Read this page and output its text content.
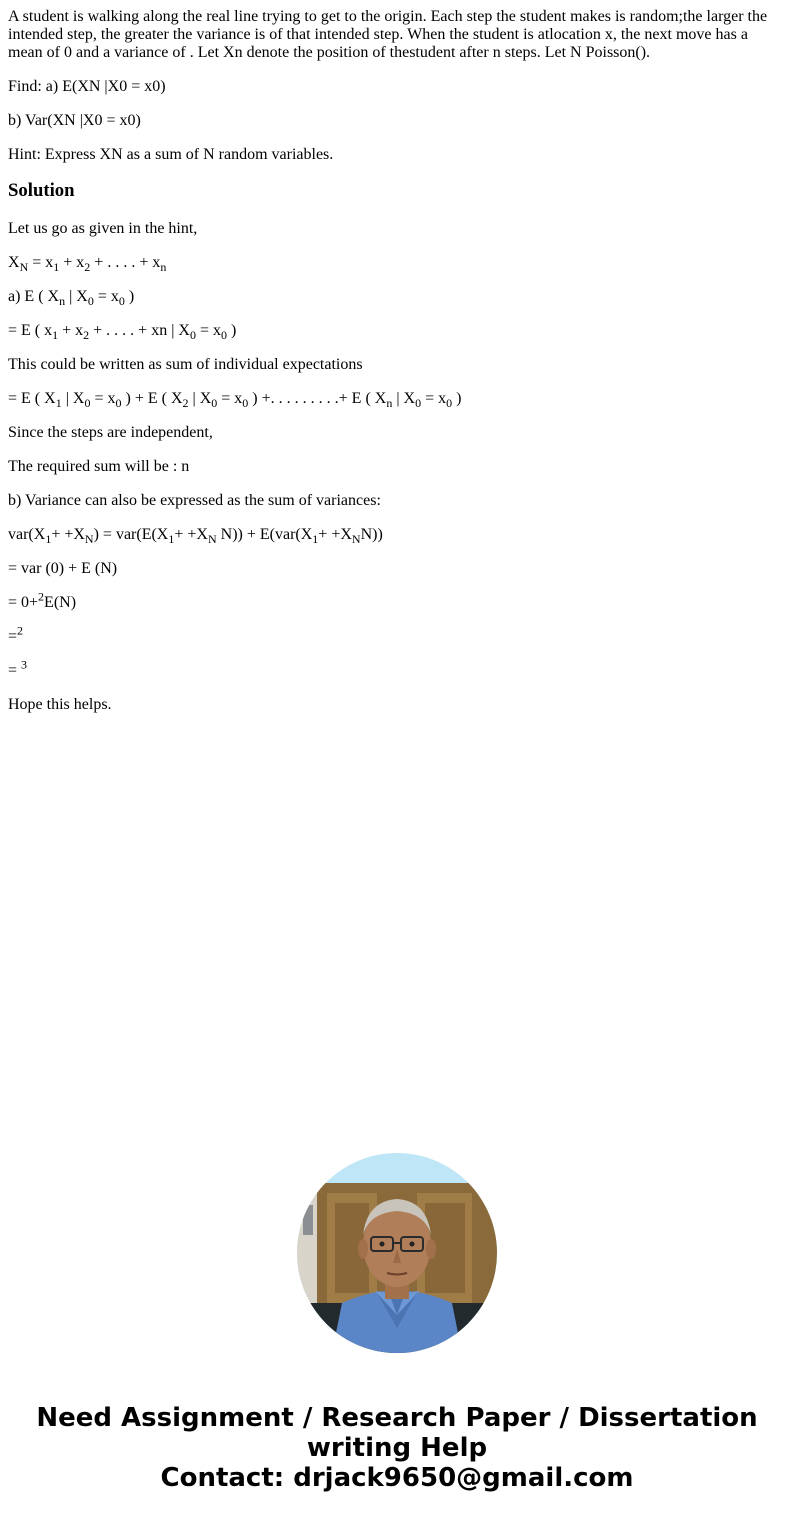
A student is walking along the real line trying to get to the origin. Each step the student makes is random;the larger the intended step, the greater the variance is of that intended step. When the student is atlocation x, the next move has a mean of 0 and a variance of . Let Xn denote the position of thestudent after n steps. Let N Poisson().

Find: a) E(XN |X0 = x0)

b) Var(XN |X0 = x0)

Hint: Express XN as a sum of N random variables.

Solution

Let us go as given in the hint,

$X_N = x_1 + x_2$ + . . . . + $x_n$

a) E ( $X_n$ | $X_0 = x_0$ )

= E ( $x_1 + x_2$ + . . . . + xn | $X_0 = x_0$ )

This could be written as sum of individual expectations

= E ( $X_1$ | $X_0 = x_0$ ) + E ( $X_2$ | $X_0 = x_0$ ) +. . . . . . . . .+ E ( $X_n$ | $X_0 = x_0$ )

Since the steps are independent,

The required sum will be : n

b) Variance can also be expressed as the sum of variances:

$var(X_1+ +X_N) = var(E(X_1+ +X_N$ $N)) + E(var(X_1+ +X_NN))$

= var (0) + E (N)

= 0+$^2$E(N)

=$^2$

= $^3$

Hope this helps.

Need Assignment / Research Paper / Dissertation
writing Help
Contact: drjack9650@gmail.com
